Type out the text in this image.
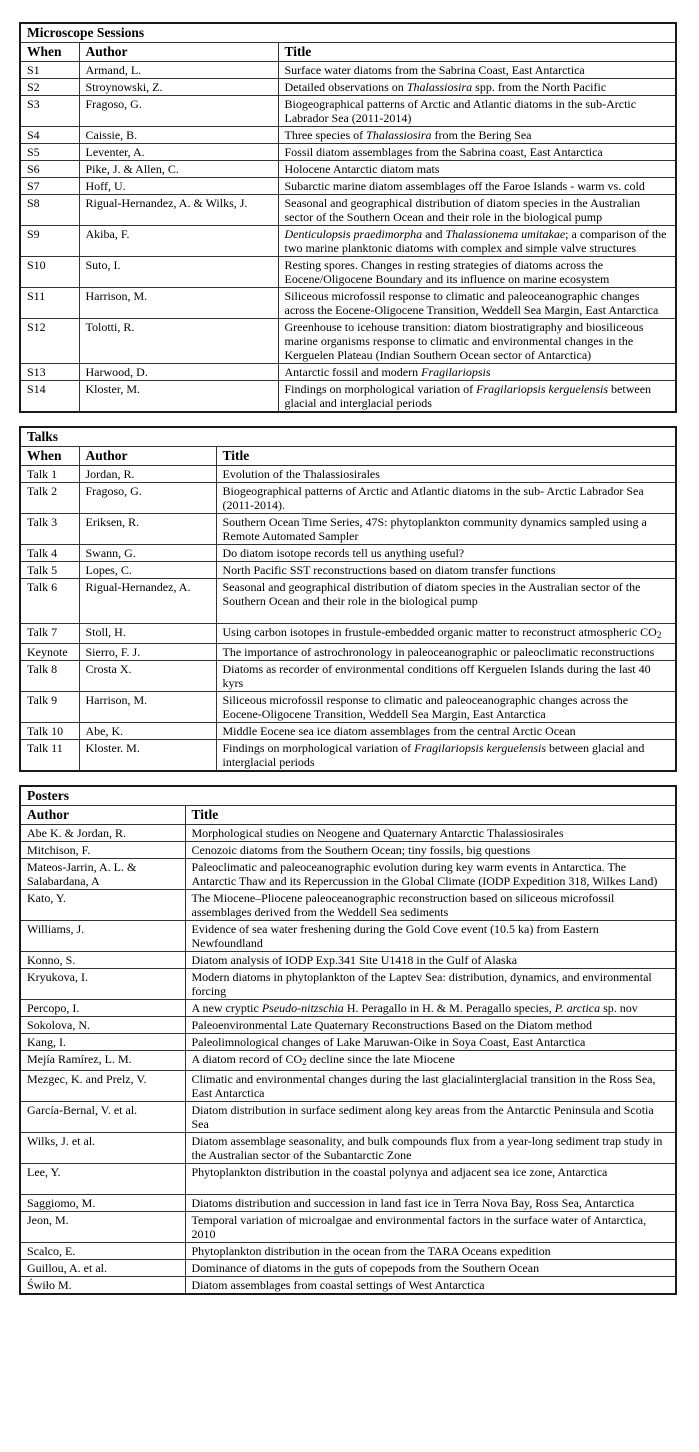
Microscope Sessions		
When	Author	Title
S1	Armand, L.	Surface water diatoms from the Sabrina Coast, East Antarctica
S2	Stroynowski, Z.	Detailed observations on Thalassiosira spp. from the North Pacific
S3	Fragoso, G.	Biogeographical patterns of Arctic and Atlantic diatoms in the sub-Arctic Labrador Sea (2011-2014)
S4	Caissie, B.	Three species of Thalassiosira from the Bering Sea
S5	Leventer, A.	Fossil diatom assemblages from the Sabrina coast, East Antarctica
S6	Pike, J. & Allen, C.	Holocene Antarctic diatom mats
S7	Hoff, U.	Subarctic marine diatom assemblages off the Faroe Islands - warm vs. cold
S8	Rigual-Hernandez, A. & Wilks, J.	Seasonal and geographical distribution of diatom species in the Australian sector of the Southern Ocean and their role in the biological pump
S9	Akiba, F.	Denticulopsis praedimorpha and Thalassionema umitakae; a comparison of the two marine planktonic diatoms with complex and simple valve structures
S10	Suto, I.	Resting spores. Changes in resting strategies of diatoms across the Eocene/Oligocene Boundary and its influence on marine ecosystem
S11	Harrison, M.	Siliceous microfossil response to climatic and paleoceanographic changes across the Eocene-Oligocene Transition, Weddell Sea Margin, East Antarctica
S12	Tolotti, R.	Greenhouse to icehouse transition: diatom biostratigraphy and biosiliceous marine organisms response to climatic and environmental changes in the Kerguelen Plateau (Indian Southern Ocean sector of Antarctica)
S13	Harwood, D.	Antarctic fossil and modern Fragilariopsis
S14	Kloster, M.	Findings on morphological variation of Fragilariopsis kerguelensis between glacial and interglacial periods
Talks		
When	Author	Title
Talk 1	Jordan, R.	Evolution of the Thalassiosirales
Talk 2	Fragoso, G.	Biogeographical patterns of Arctic and Atlantic diatoms in the sub- Arctic Labrador Sea (2011-2014).
Talk 3	Eriksen, R.	Southern Ocean Time Series, 47S: phytoplankton community dynamics sampled using a Remote Automated Sampler
Talk 4	Swann, G.	Do diatom isotope records tell us anything useful?
Talk 5	Lopes, C.	North Pacific SST reconstructions based on diatom transfer functions
Talk 6	Rigual-Hernandez, A.	Seasonal and geographical distribution of diatom species in the Australian sector of the Southern Ocean and their role in the biological pump

Talk 7	Stoll, H.	Using carbon isotopes in frustule-embedded organic matter to reconstruct atmospheric $CO_2$
Keynote	Sierro, F. J.	The importance of astrochronology in paleoceanographic or paleoclimatic reconstructions
Talk 8	Crosta X.	Diatoms as recorder of environmental conditions off Kerguelen Islands during the last 40 kyrs
Talk 9	Harrison, M.	Siliceous microfossil response to climatic and paleoceanographic changes across the Eocene-Oligocene Transition, Weddell Sea Margin, East Antarctica
Talk 10	Abe, K.	Middle Eocene sea ice diatom assemblages from the central Arctic Ocean
Talk 11	Kloster. M.	Findings on morphological variation of Fragilariopsis kerguelensis between glacial and interglacial periods
Posters	
Author	Title
Abe K. & Jordan, R.	Morphological studies on Neogene and Quaternary Antarctic Thalassiosirales
Mitchison, F.	Cenozoic diatoms from the Southern Ocean; tiny fossils, big questions
Mateos-Jarrin, A. L. & Salabardana, A	Paleoclimatic and paleoceanographic evolution during key warm events in Antarctica. The Antarctic Thaw and its Repercussion in the Global Climate (IODP Expedition 318, Wilkes Land)
Kato, Y.	The Miocene–Pliocene paleoceanographic reconstruction based on siliceous microfossil assemblages derived from the Weddell Sea sediments
Williams, J.	Evidence of sea water freshening during the Gold Cove event (10.5 ka) from Eastern Newfoundland
Konno, S.	Diatom analysis of IODP Exp.341 Site U1418 in the Gulf of Alaska
Kryukova, I.	Modern diatoms in phytoplankton of the Laptev Sea: distribution, dynamics, and environmental forcing
Percopo, I.	A new cryptic Pseudo-nitzschia H. Peragallo in H. & M. Peragallo species, P. arctica sp. nov
Sokolova, N.	Paleoenvironmental Late Quaternary Reconstructions Based on the Diatom method
Kang, I.	Paleolimnological changes of Lake Maruwan-Oike in Soya Coast, East Antarctica
Mejía Ramírez, L. M.	A diatom record of $CO_2$ decline since the late Miocene
Mezgec, K. and Prelz, V.	Climatic and environmental changes during the last glacialinterglacial transition in the Ross Sea, East Antarctica
García-Bernal, V. et al.	Diatom distribution in surface sediment along key areas from the Antarctic Peninsula and Scotia Sea
Wilks, J. et al.	Diatom assemblage seasonality, and bulk compounds flux from a year-long sediment trap study in the Australian sector of the Subantarctic Zone
Lee, Y.	Phytoplankton distribution in the coastal polynya and adjacent sea ice zone, Antarctica

Saggiomo, M.	Diatoms distribution and succession in land fast ice in Terra Nova Bay, Ross Sea, Antarctica
Jeon, M.	Temporal variation of microalgae and environmental factors in the surface water of Antarctica, 2010
Scalco, E.	Phytoplankton distribution in the ocean from the TARA Oceans expedition
Guillou, A. et al.	Dominance of diatoms in the guts of copepods from the Southern Ocean
Świło M.	Diatom assemblages from coastal settings of West Antarctica
